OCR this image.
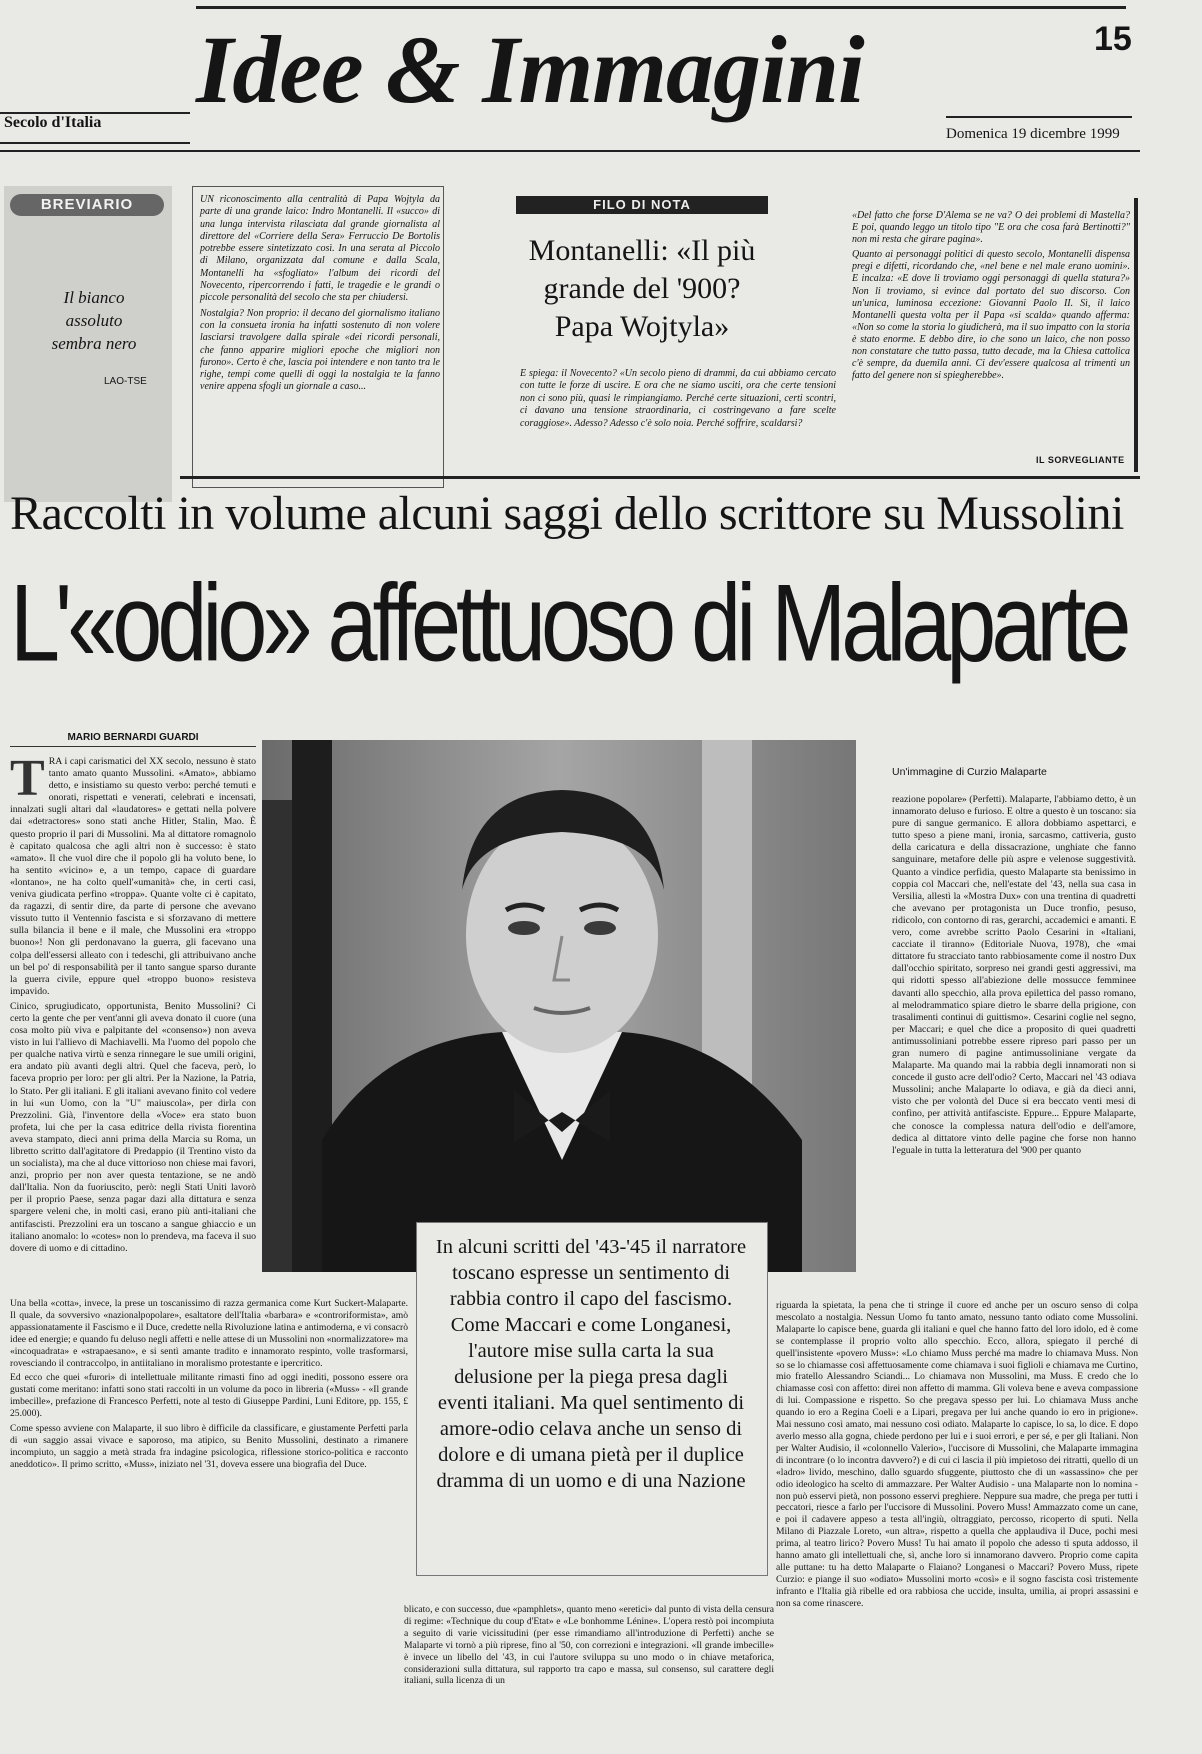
Idee & Immagini	15
Secolo d'Italia
Domenica 19 dicembre 1999
BREVIARIO
Il bianco assoluto sembra nero
LAO-TSE

UN riconoscimento alla centralità di Papa Wojtyla da parte di una grande laico: Indro Montanelli. Il «succo» di una lunga intervista rilasciata dal grande giornalista al direttore del «Corriere della Sera» Ferruccio De Bortolis potrebbe essere sintetizzato così. In una serata al Piccolo di Milano, organizzata dal comune e dalla Scala, Montanelli ha «sfogliato» l'album dei ricordi del Novecento, ripercorrendo i fatti, le tragedie e le grandi o piccole personalità del secolo che sta per chiudersi.

Nostalgia? Non proprio: il decano del giornalismo italiano con la consueta ironia ha infatti sostenuto di non volere lasciarsi travolgere dalla spirale «dei ricordi personali, che fanno apparire migliori epoche che migliori non furono». Certo è che, lascia poi intendere e non tanto tra le righe, tempi come quelli di oggi la nostalgia te la fanno venire appena sfogli un giornale a caso...

FILO DI NOTA
Montanelli: «Il più grande del '900? Papa Wojtyla»
E spiega: il Novecento? «Un secolo pieno di drammi, da cui abbiamo cercato con tutte le forze di uscire. E ora che ne siamo usciti, ora che certe tensioni non ci sono più, quasi le rimpiangiamo. Perché certe situazioni, certi scontri, ci davano una tensione straordinaria, ci costringevano a fare scelte coraggiose». Adesso? Adesso c'è solo noia. Perché soffrire, scaldarsi?

«Del fatto che forse D'Alema se ne va? O dei problemi di Mastella? E poi, quando leggo un titolo tipo "E ora che cosa farà Bertinotti?" non mi resta che girare pagina».

Quanto ai personaggi politici di questo secolo, Montanelli dispensa pregi e difetti, ricordando che, «nel bene e nel male erano uomini». E incalza: «E dove li troviamo oggi personaggi di quella statura?» Non li troviamo, si evince dal portato del suo discorso. Con un'unica, luminosa eccezione: Giovanni Paolo II. Sì, il laico Montanelli questa volta per il Papa «si scalda» quando afferma: «Non so come la storia lo giudicherà, ma il suo impatto con la storia è stato enorme. E debbo dire, io che sono un laico, che non posso non constatare che tutto passa, tutto decade, ma la Chiesa cattolica c'è sempre, da duemila anni. Ci dev'essere qualcosa al trimenti un fatto del genere non si spiegherebbe».

IL SORVEGLIANTE
Raccolti in volume alcuni saggi dello scrittore su Mussolini
L'«odio» affettuoso di Malaparte
MARIO BERNARDI GUARDI

TRA i capi carismatici del XX secolo, nessuno è stato tanto amato quanto Mussolini. «Amato», abbiamo detto, e insistiamo su questo verbo: perché temuti e onorati, rispettati e venerati, celebrati e incensati, innalzati sugli altari dal «laudatores» e gettati nella polvere dai «detractores» sono stati anche Hitler, Stalin, Mao. È questo proprio il pari di Mussolini. Ma al dittatore romagnolo è capitato qualcosa che agli altri non è successo: è stato «amato». Il che vuol dire che il popolo gli ha voluto bene, lo ha sentito «vicino» e, a un tempo, capace di guardare «lontano», ne ha colto quell'«umanità» che, in certi casi, veniva giudicata perfino «troppa». Quante volte ci è capitato, da ragazzi, di sentir dire, da parte di persone che avevano vissuto tutto il Ventennio fascista e si sforzavano di mettere sulla bilancia il bene e il male, che Mussolini era «troppo buono»! Non gli perdonavano la guerra, gli facevano una colpa dell'essersi alleato con i tedeschi, gli attribuivano anche un bel po' di responsabilità per il tanto sangue sparso durante la guerra civile, eppure quel «troppo buono» resisteva impavido.

Cinico, sprugiudicato, opportunista, Benito Mussolini? Ci certo la gente che per vent'anni gli aveva donato il cuore (una cosa molto più viva e palpitante del «consenso») non aveva visto in lui l'allievo di Machiavelli. Ma l'uomo del popolo che per qualche nativa virtù e senza rinnegare le sue umili origini, era andato più avanti degli altri. Quel che faceva, però, lo faceva proprio per loro: per gli altri. Per la Nazione, la Patria, lo Stato. Per gli italiani. E gli italiani avevano finito col vedere in lui «un Uomo, con la "U" maiuscola», per dirla con Prezzolini. Già, l'inventore della «Voce» era stato buon profeta, lui che per la casa editrice della rivista fiorentina aveva stampato, dieci anni prima della Marcia su Roma, un libretto scritto dall'agitatore di Predappio (il Trentino visto da un socialista), ma che al duce vittorioso non chiese mai favori, anzi, proprio per non aver questa tentazione, se ne andò dall'Italia. Non da fuoriuscito, però: negli Stati Uniti lavorò per il proprio Paese, senza pagar dazi alla dittatura e senza spargere veleni che, in molti casi, erano più anti-italiani che antifascisti. Prezzolini era un toscano a sangue ghiaccio e un italiano anomalo: lo «cotes» non lo prendeva, ma faceva il suo dovere di uomo e di cittadino.	In alcuni scritti del '43-'45 il narratore toscano espresse un sentimento di rabbia contro il capo del fascismo. Come Maccari e come Longanesi, l'autore mise sulla carta la sua delusione per la piega presa dagli eventi italiani. Ma quel sentimento di amore-odio celava anche un senso di dolore e di umana pietà per il duplice dramma di un uomo e di una Nazione

Una bella «cotta», invece, la prese un toscanissimo di razza germanica come Kurt Suckert-Malaparte. Il quale, da sovversivo «nazionalpopolare», esaltatore dell'Italia «barbara» e «controriformista», amò appassionatamente il Fascismo e il Duce, credette nella Rivoluzione latina e antimoderna, e vi consacrò idee ed energie; e quando fu deluso negli affetti e nelle attese di un Mussolini non «normalizzatore» ma «incoquadrata» e «strapaesano», e si sentì amante tradito e innamorato respinto, volle trasformarsi, rovesciando il contraccolpo, in antiitaliano in moralismo protestante e ipercritico.

Ed ecco che quei «furori» di intellettuale militante rimasti fino ad oggi inediti, possono essere ora gustati come meritano: infatti sono stati raccolti in un volume da poco in libreria («Muss» - «Il grande imbecille», prefazione di Francesco Perfetti, note al testo di Giuseppe Pardini, Luni Editore, pp. 155, £ 25.000).

Come spesso avviene con Malaparte, il suo libro è difficile da classificare, e giustamente Perfetti parla di «un saggio assai vivace e saporoso, ma atipico, su Benito Mussolini, destinato a rimanere incompiuto, un saggio a metà strada fra indagine psicologica, riflessione storico-politica e racconto aneddotico». Il primo scritto, «Muss», iniziato nel '31, doveva essere una biografia del Duce.

blicato, e con successo, due «pamphlets», quanto meno «eretici» dal punto di vista della censura di regime: «Technique du coup d'Etat» e «Le bonhomme Lénine». L'opera restò poi incompiuta a seguito di varie vicissitudini (per esse rimandiamo all'introduzione di Perfetti) anche se Malaparte vi tornò a più riprese, fino al '50, con correzioni e integrazioni. «Il grande imbecille» è invece un libello del '43, in cui l'autore sviluppa su uno modo o in chiave metaforica, considerazioni sulla dittatura, sul rapporto tra capo e massa, sul consenso, sul carattere degli italiani, sulla licenza di un
Un'immagine di Curzio Malaparte
reazione popolare» (Perfetti). Malaparte, l'abbiamo detto, è un innamorato deluso e furioso. E oltre a questo è un toscano: sia pure di sangue germanico. E allora dobbiamo aspettarci, e tutto speso a piene mani, ironia, sarcasmo, cattiveria, gusto della caricatura e della dissacrazione, unghiate che fanno sanguinare, metafore delle più aspre e velenose suggestività. Quanto a vindice perfidia, questo Malaparte sta benissimo in coppia col Maccari che, nell'estate del '43, nella sua casa in Versilia, allestì la «Mostra Dux» con una trentina di quadretti che avevano per protagonista un Duce tronfio, pesuso, ridicolo, con contorno di ras, gerarchi, accademici e amanti. E vero, come avrebbe scritto Paolo Cesarini in «Italiani, cacciate il tiranno» (Editoriale Nuova, 1978), che «mai dittatore fu stracciato tanto rabbiosamente come il nostro Dux dall'occhio spiritato, sorpreso nei grandi gesti aggressivi, ma qui ridotti spesso all'abiezione delle mossucce femminee davanti allo specchio, alla prova epilettica del passo romano, al melodrammatico spiare dietro le sbarre della prigione, con trasalimenti continui di guittismo». Cesarini coglie nel segno, per Maccari; e quel che dice a proposito di quei quadretti antimussoliniani potrebbe essere ripreso pari passo per un gran numero di pagine antimussoliniane vergate da Malaparte. Ma quando mai la rabbia degli innamorati non si concede il gusto acre dell'odio? Certo, Maccari nel '43 odiava Mussolini; anche Malaparte lo odiava, e già da dieci anni, visto che per volontà del Duce si era beccato venti mesi di confino, per attività antifasciste. Eppure... Eppure Malaparte, che conosce la complessa natura dell'odio e dell'amore, dedica al dittatore vinto delle pagine che forse non hanno l'eguale in tutta la letteratura del '900 per quanto
riguarda la spietata, la pena che ti stringe il cuore ed anche per un oscuro senso di colpa mescolato a nostalgia. Nessun Uomo fu tanto amato, nessuno tanto odiato come Mussolini. Malaparte lo capisce bene, guarda gli italiani e quel che hanno fatto del loro idolo, ed è come se contemplasse il proprio volto allo specchio. Ecco, allora, spiegato il perché di quell'insistente «povero Muss»: «Lo chiamo Muss perché ma madre lo chiamava Muss. Non so se lo chiamasse così affettuosamente come chiamava i suoi figlioli e chiamava me Curtino, mio fratello Alessandro Sciandi... Lo chiamava non Mussolini, ma Muss. E credo che lo chiamasse così con affetto: direi non affetto di mamma. Gli voleva bene e aveva compassione di lui. Compassione e rispetto. So che pregava spesso per lui. Lo chiamava Muss anche quando io ero a Regina Coeli e a Lipari, pregava per lui anche quando io ero in prigione». Mai nessuno così amato, mai nessuno così odiato. Malaparte lo capisce, lo sa, lo dice. E dopo averlo messo alla gogna, chiede perdono per lui e i suoi errori, e per sé, e per gli Italiani. Non per Walter Audisio, il «colonnello Valerio», l'uccisore di Mussolini, che Malaparte immagina di incontrare (o lo incontra davvero?) e di cui ci lascia il più impietoso dei ritratti, quello di un «ladro» livido, meschino, dallo sguardo sfuggente, piuttosto che di un «assassino» che per odio ideologico ha scelto di ammazzare. Per Walter Audisio - una Malaparte non lo nomina - non può esservi pietà, non possono esservi preghiere. Neppure sua madre, che prega per tutti i peccatori, riesce a farlo per l'uccisore di Mussolini. Povero Muss! Ammazzato come un cane, e poi il cadavere appeso a testa all'ingiù, oltraggiato, percosso, ricoperto di sputi. Nella Milano di Piazzale Loreto, «un altra», rispetto a quella che applaudiva il Duce, pochi mesi prima, al teatro lirico? Povero Muss! Tu hai amato il popolo che adesso ti sputa addosso, il hanno amato gli intellettuali che, sì, anche loro si innamorano davvero. Proprio come capita alle puttane: tu ha detto Malaparte o Flaiano? Longanesi o Maccari? Povero Muss, ripete Curzio: e piange il suo «odiato» Mussolini morto «così» e il sogno fascista così tristemente infranto e l'Italia già ribelle ed ora rabbiosa che uccide, insulta, umilia, ai propri assassini e non sa come rinascere.
